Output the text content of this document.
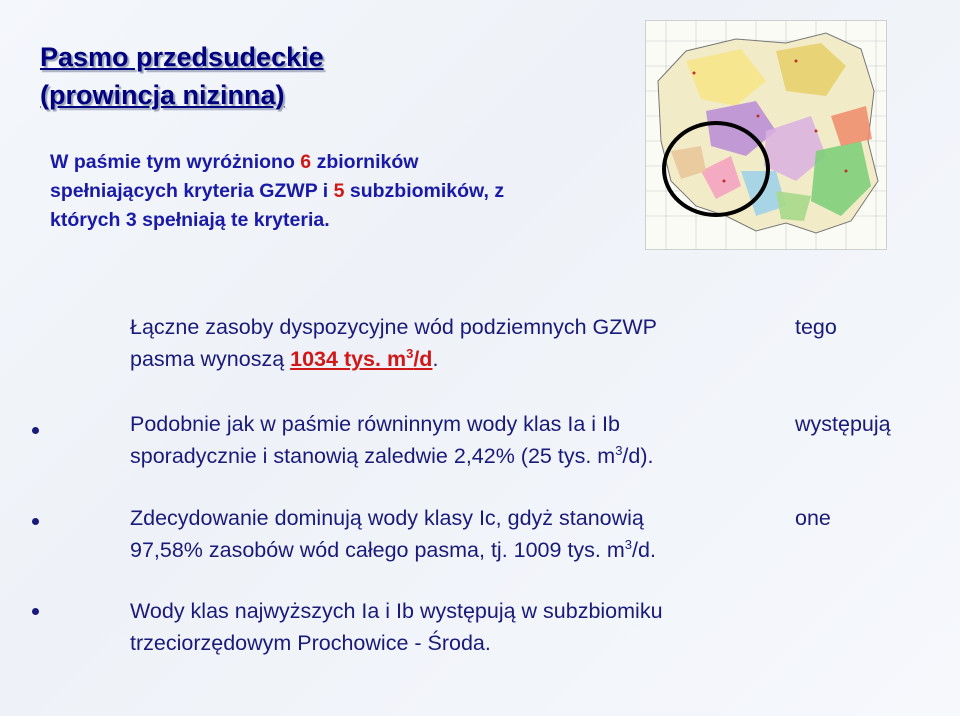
Pasmo przedsudeckie
(prowincja nizinna)
W paśmie tym wyróżniono 6 zbiorników spełniających kryteria GZWP i 5 subzbiomików, z których 3 spełniają te kryteria.
Łączne zasoby dyspozycyjne wód podziemnych GZWP	tego
pasma wynoszą 1034 tys. $m^3/d$.
Podobnie jak w paśmie równinnym wody klas Ia i Ib	występują
sporadycznie i stanowią zaledwie 2,42% (25 tys. $m^3/d$).
Zdecydowanie dominują wody klasy Ic, gdyż stanowią	one
97,58% zasobów wód całego pasma, tj. 1009 tys. $m^3/d$.
Wody klas najwyższych Ia i Ib występują w subzbiomiku
trzeciorzędowym Prochowice - Środa.
